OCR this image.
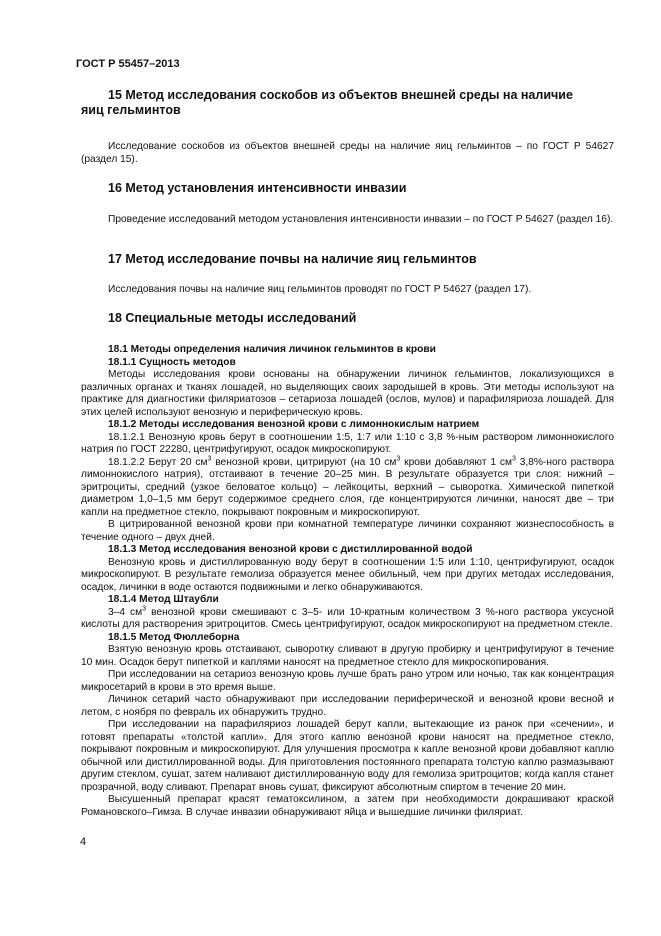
ГОСТ Р 55457–2013
15 Метод исследования соскобов из объектов внешней среды на наличие
яиц гельминтов

Исследование соскобов из объектов внешней среды на наличие яиц гельминтов – по ГОСТ Р 54627 (раздел 15).

16 Метод установления интенсивности инвазии

Проведение исследований методом установления интенсивности инвазии – по ГОСТ Р 54627 (раздел 16).

17 Метод исследование почвы на наличие яиц гельминтов

Исследования почвы на наличие яиц гельминтов проводят по ГОСТ Р 54627 (раздел 17).

18 Специальные методы исследований

18.1 Методы определения наличия личинок гельминтов в крови

18.1.1 Сущность методов

Методы исследования крови основаны на обнаружении личинок гельминтов, локализующихся в различных органах и тканях лошадей, но выделяющих своих зародышей в кровь. Эти методы используют на практике для диагностики филяриатозов – сетариоза лошадей (ослов, мулов) и парафиляриоза лошадей. Для этих целей используют венозную и периферическую кровь.

18.1.2 Методы исследования венозной крови с лимоннокислым натрием

18.1.2.1 Венозную кровь берут в соотношении 1:5, 1:7 или 1:10 с 3,8 %-ным раствором лимоннокислого натрия по ГОСТ 22280, центрифугируют, осадок микроскопируют.

18.1.2.2 Берут 20 $см^3$ венозной крови, цитрируют (на 10 $см^3$ крови добавляют 1 $см^3$ 3,8%-ного раствора лимоннокислого натрия), отстаивают в течение 20–25 мин. В результате образуется три слоя: нижний – эритроциты, средний (узкое беловатое кольцо) – лейкоциты, верхний – сыворотка. Химической пипеткой диаметром 1,0–1,5 мм берут содержимое среднего слоя, где концентрируются личинки, наносят две – три капли на предметное стекло, покрывают покровным и микроскопируют.

В цитрированной венозной крови при комнатной температуре личинки сохраняют жизнеспособность в течение одного – двух дней.

18.1.3 Метод исследования венозной крови с дистиллированной водой

Венозную кровь и дистиллированную воду берут в соотношении 1:5 или 1:10, центрифугируют, осадок микроскопируют. В результате гемолиза образуется менее обильный, чем при других методах исследования, осадок, личинки в воде остаются подвижными и легко обнаруживаются.

18.1.4 Метод Штаубли

3–4 $см^3$ венозной крови смешивают с 3–5- или 10-кратным количеством 3 %-ного раствора уксусной кислоты для растворения эритроцитов. Смесь центрифугируют, осадок микроскопируют на предметном стекле.

18.1.5 Метод Фюллеборна

Взятую венозную кровь отстаивают, сыворотку сливают в другую пробирку и центрифугируют в течение 10 мин. Осадок берут пипеткой и каплями наносят на предметное стекло для микроскопирования.

При исследовании на сетариоз венозную кровь лучше брать рано утром или ночью, так как концентрация микросетарий в крови в это время выше.

Личинок сетарий часто обнаруживают при исследовании периферической и венозной крови весной и летом, с ноября по февраль их обнаружить трудно.

При исследовании на парафиляриоз лошадей берут капли, вытекающие из ранок при «сечении», и готовят препараты «толстой капли». Для этого каплю венозной крови наносят на предметное стекло, покрывают покровным и микроскопируют. Для улучшения просмотра к капле венозной крови добавляют каплю обычной или дистиллированной воды. Для приготовления постоянного препарата толстую каплю размазывают другим стеклом, сушат, затем наливают дистиллированную воду для гемолиза эритроцитов; когда капля станет прозрачной, воду сливают. Препарат вновь сушат, фиксируют абсолютным спиртом в течение 20 мин.

Высушенный препарат красят гематоксилином, а затем при необходимости докрашивают краской Романовского–Гимза. В случае инвазии обнаруживают яйца и вышедшие личинки филяриат.

4
